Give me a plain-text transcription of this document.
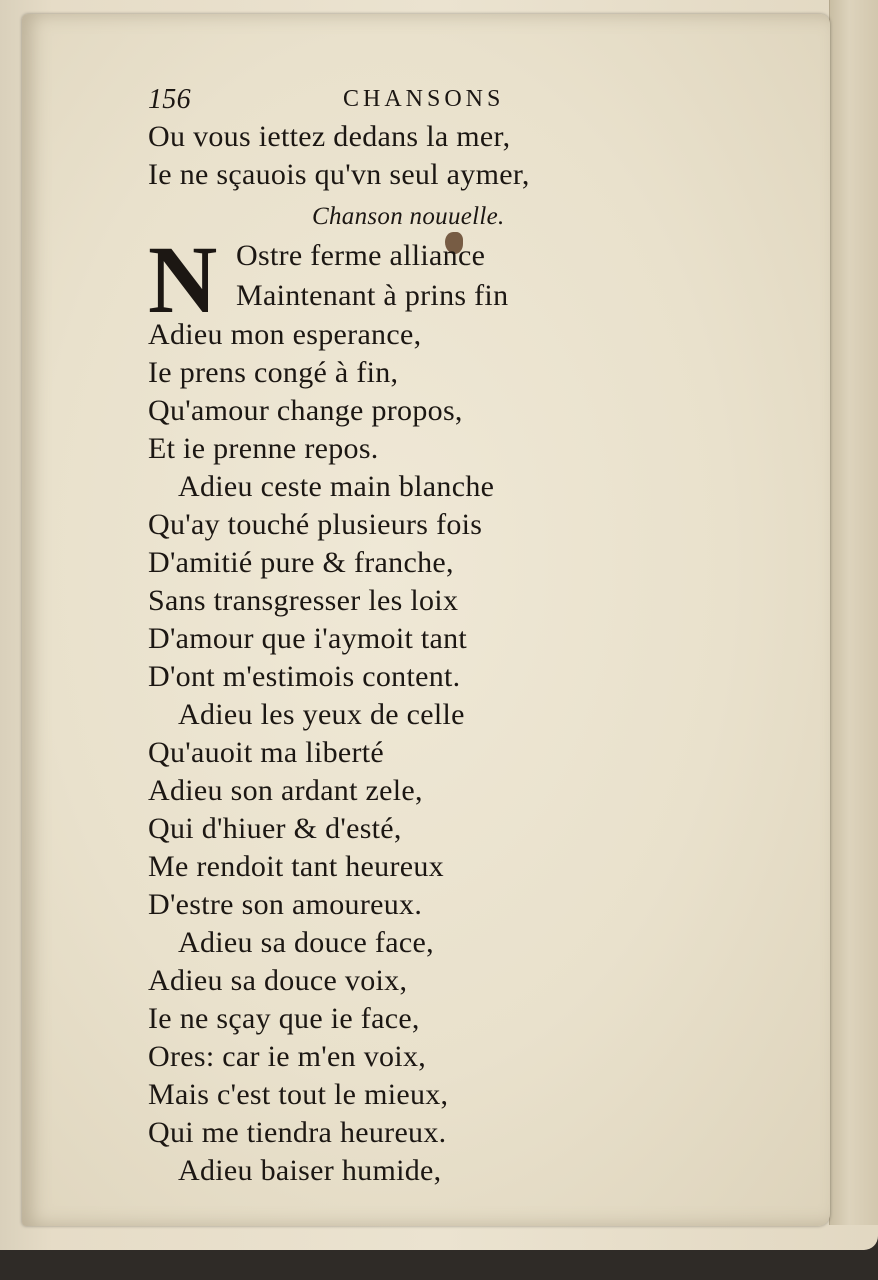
156	CHANSONS
Ou vous iettez dedans la mer,
Ie ne sçauois qu'vn seul aymer,
Chanson nouuelle.
N Ostre ferme alliance
Maintenant à prins fin
Adieu mon esperance,
Ie prens congé à fin,
Qu'amour change propos,
Et ie prenne repos.
Adieu ceste main blanche
Qu'ay touché plusieurs fois
D'amitié pure & franche,
Sans transgresser les loix
D'amour que i'aymoit tant
D'ont m'estimois content.
Adieu les yeux de celle
Qu'auoit ma liberté
Adieu son ardant zele,
Qui d'hiuer & d'esté,
Me rendoit tant heureux
D'estre son amoureux.
Adieu sa douce face,
Adieu sa douce voix,
Ie ne sçay que ie face,
Ores: car ie m'en voix,
Mais c'est tout le mieux,
Qui me tiendra heureux.
Adieu baiser humide,
